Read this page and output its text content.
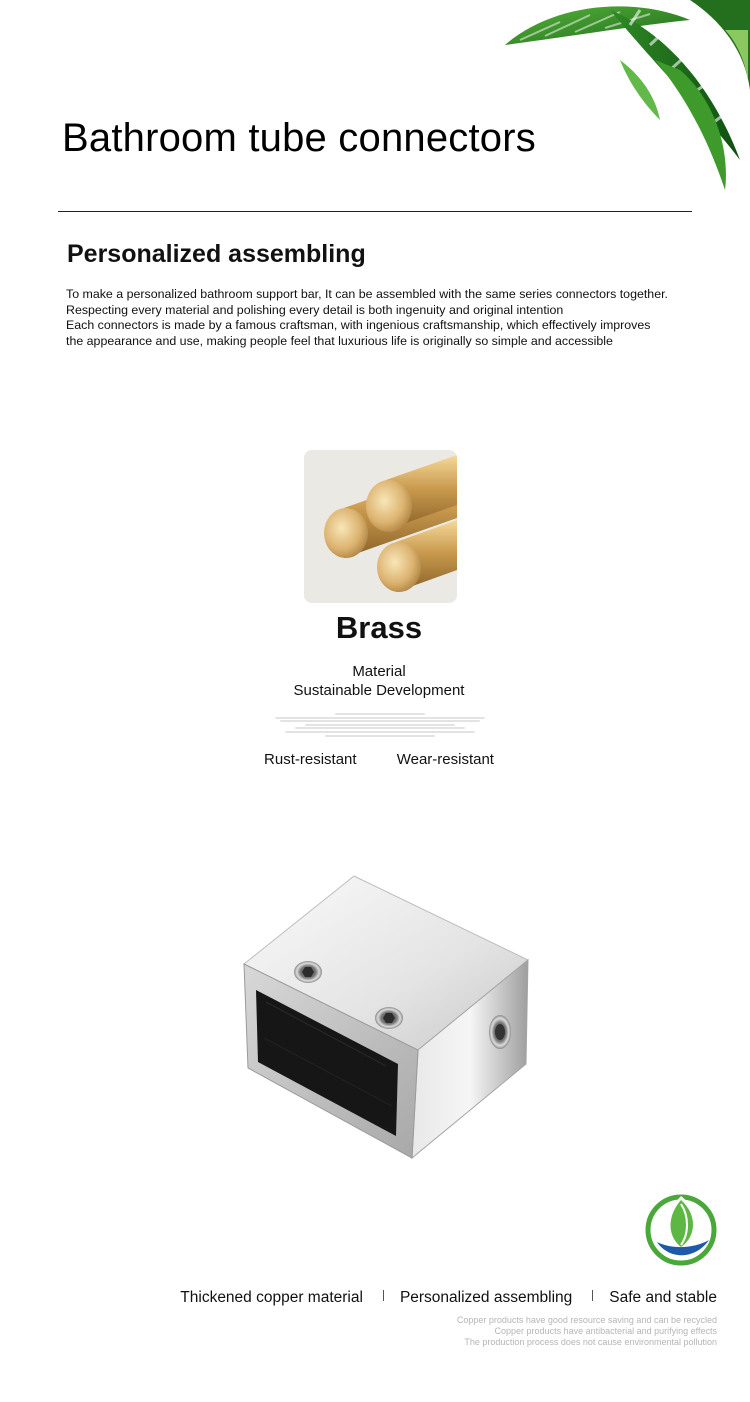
Bathroom tube connectors
Personalized assembling
To make a personalized bathroom support bar, It can be assembled with the same series connectors together.
Respecting every material and polishing every detail is both ingenuity and original intention
Each connectors is made by a famous craftsman, with ingenious craftsmanship, which effectively improves
the appearance and use, making people feel that luxurious life is originally so simple and accessible
Brass
Material
Sustainable Development
Rust-resistant	Wear-resistant
Thickened copper material Personalized assembling Safe and stable
Copper products have good resource saving and can be recycled
Copper products have antibacterial and purifying effects
The production process does not cause environmental pollution
